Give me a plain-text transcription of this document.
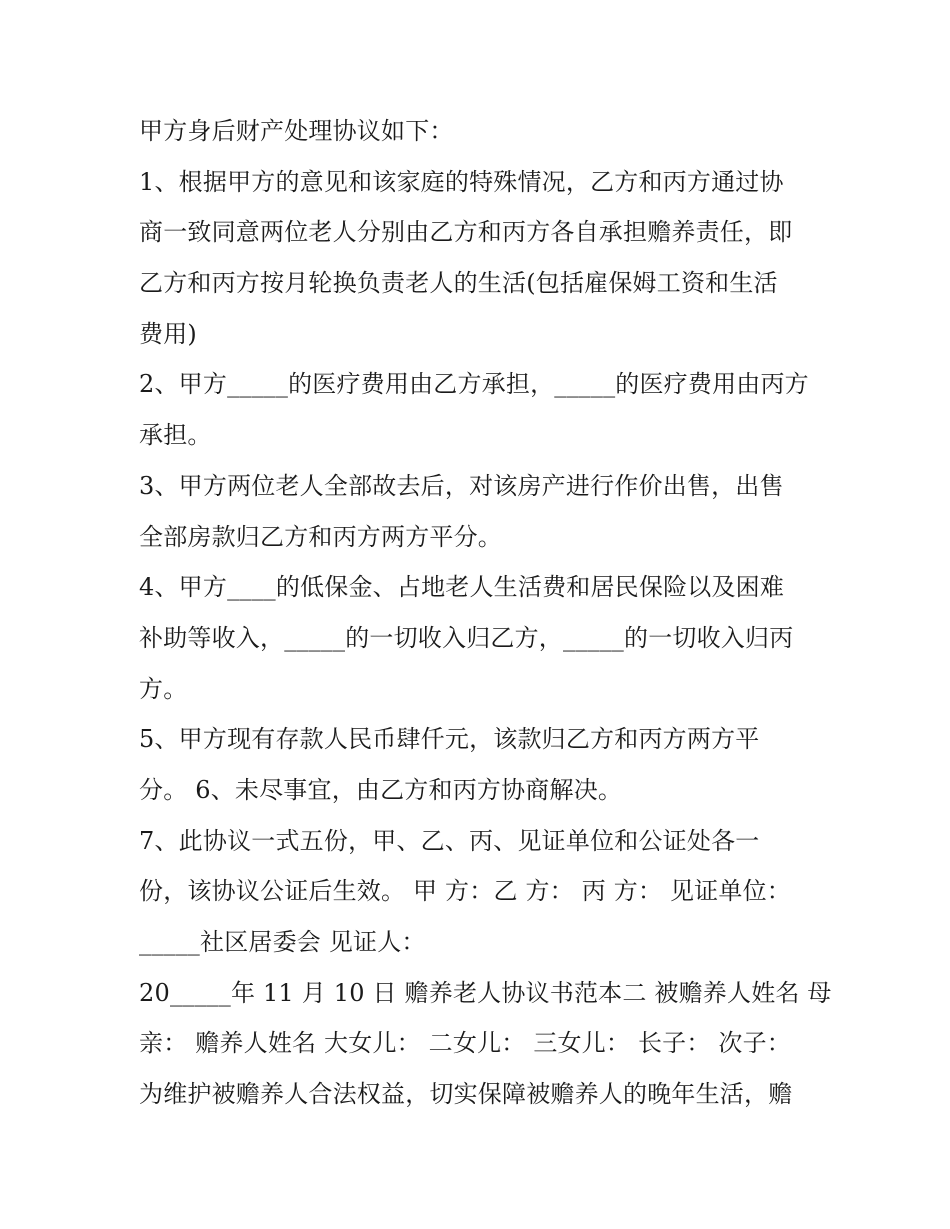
甲方身后财产处理协议如下：
1、根据甲方的意见和该家庭的特殊情况，乙方和丙方通过协
商一致同意两位老人分别由乙方和丙方各自承担赡养责任，即
乙方和丙方按月轮换负责老人的生活(包括雇保姆工资和生活
费用)
2、甲方_____的医疗费用由乙方承担，_____的医疗费用由丙方
承担。
3、甲方两位老人全部故去后，对该房产进行作价出售，出售
全部房款归乙方和丙方两方平分。
4、甲方____的低保金、占地老人生活费和居民保险以及困难
补助等收入，_____的一切收入归乙方，_____的一切收入归丙
方。
5、甲方现有存款人民币肆仟元，该款归乙方和丙方两方平
分。 6、未尽事宜，由乙方和丙方协商解决。
7、此协议一式五份，甲、乙、丙、见证单位和公证处各一
份，该协议公证后生效。 甲 方：乙 方： 丙 方： 见证单位：
_____社区居委会 见证人：
20_____年 11 月 10 日 赡养老人协议书范本二 被赡养人姓名 母
亲： 赡养人姓名 大女儿： 二女儿： 三女儿： 长子： 次子：
为维护被赡养人合法权益，切实保障被赡养人的晚年生活，赡
